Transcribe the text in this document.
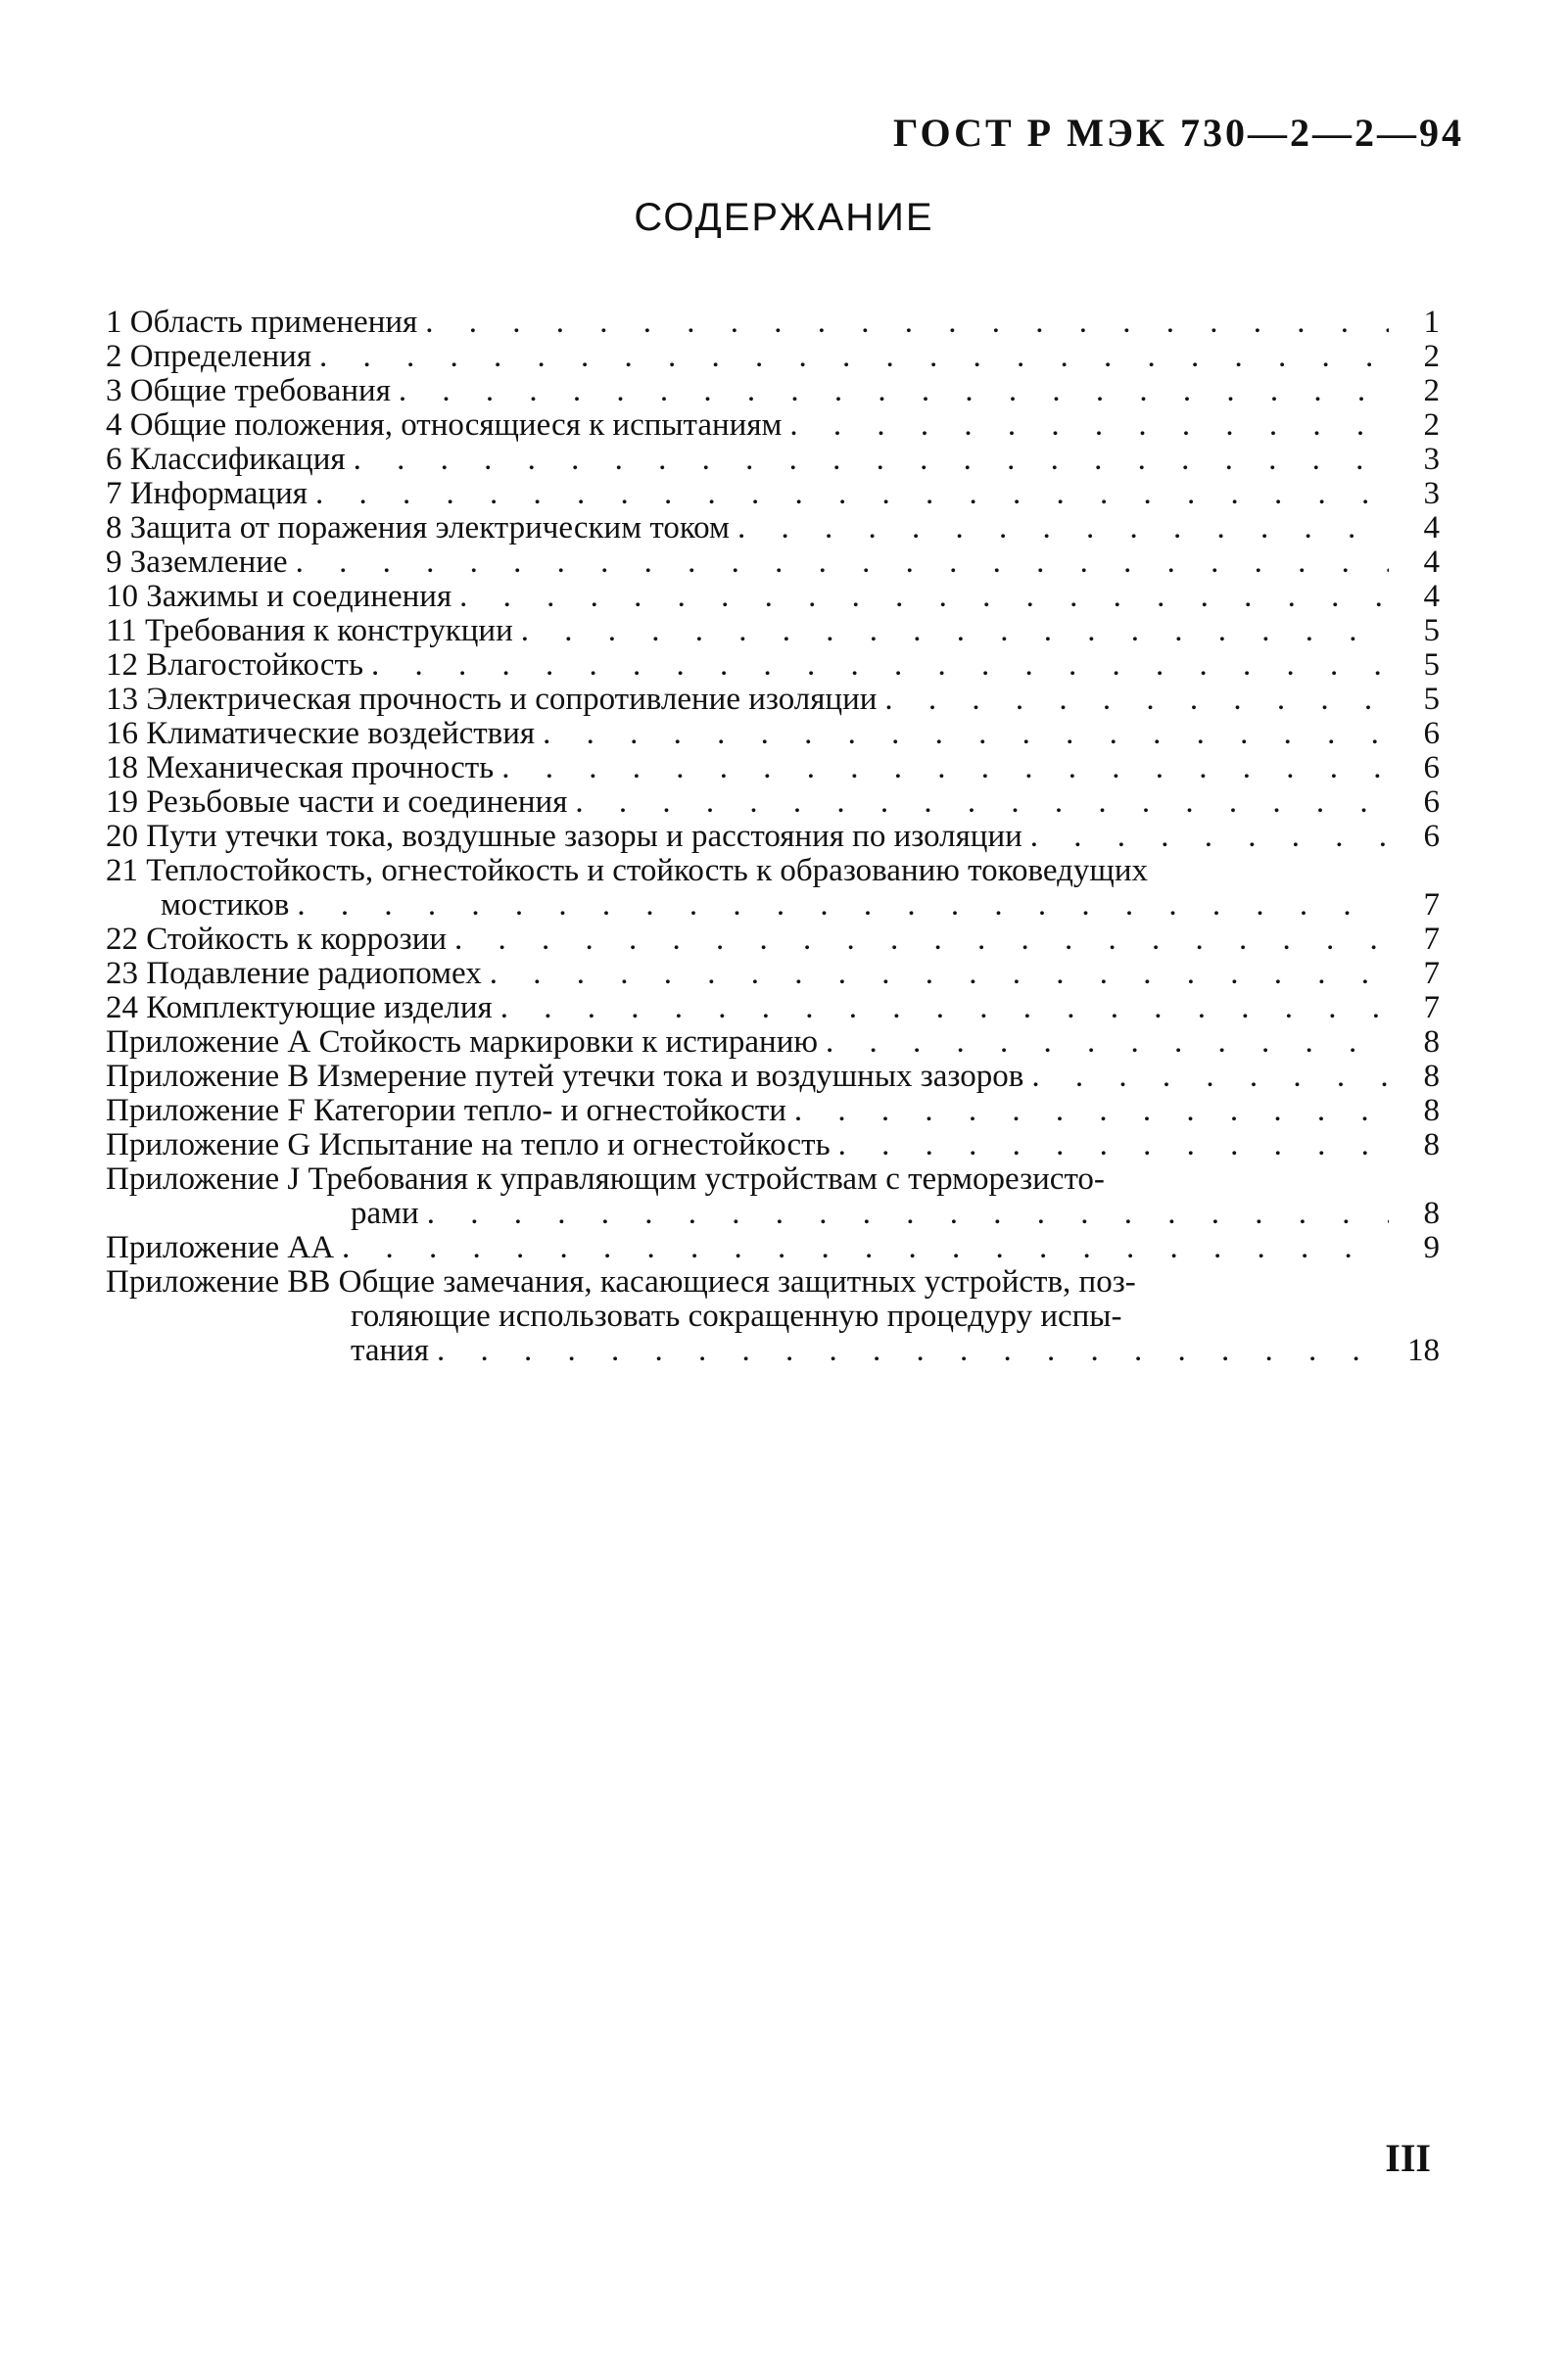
ГОСТ Р МЭК 730—2—2—94
СОДЕРЖАНИЕ
1 Область применения . . .	1
2 Определения . . .	2
3 Общие требования . . .	2
4 Общие положения, относящиеся к испытаниям . . .	2
6 Классификация . . .	3
7 Информация . . .	3
8 Защита от поражения электрическим током . . .	4
9 Заземление . . .	4
10 Зажимы и соединения . . .	4
11 Требования к конструкции . . .	5
12 Влагостойкость . . .	5
13 Электрическая прочность и сопротивление изоляции . . .	5
16 Климатические воздействия . . .	6
18 Механическая прочность . . .	6
19 Резьбовые части и соединения . . .	6
20 Пути утечки тока, воздушные зазоры и расстояния по изоляции . . .	6
21 Теплостойкость, огнестойкость и стойкость к образованию токоведущих
мостиков . . .	7
22 Стойкость к коррозии . . .	7
23 Подавление радиопомех . . .	7
24 Комплектующие изделия . . .	7
Приложение А Стойкость маркировки к истиранию . . .	8
Приложение В Измерение путей утечки тока и воздушных зазоров . . .	8
Приложение F Категории тепло- и огнестойкости . . .	8
Приложение G Испытание на тепло и огнестойкость . . .	8
Приложение J Требования к управляющим устройствам с терморезисто-
рами . . .	8
Приложение АА . . .	9
Приложение ВВ Общие замечания, касающиеся защитных устройств, поз-
голяющие использовать сокращенную процедуру испы-
тания . . .	18
III
